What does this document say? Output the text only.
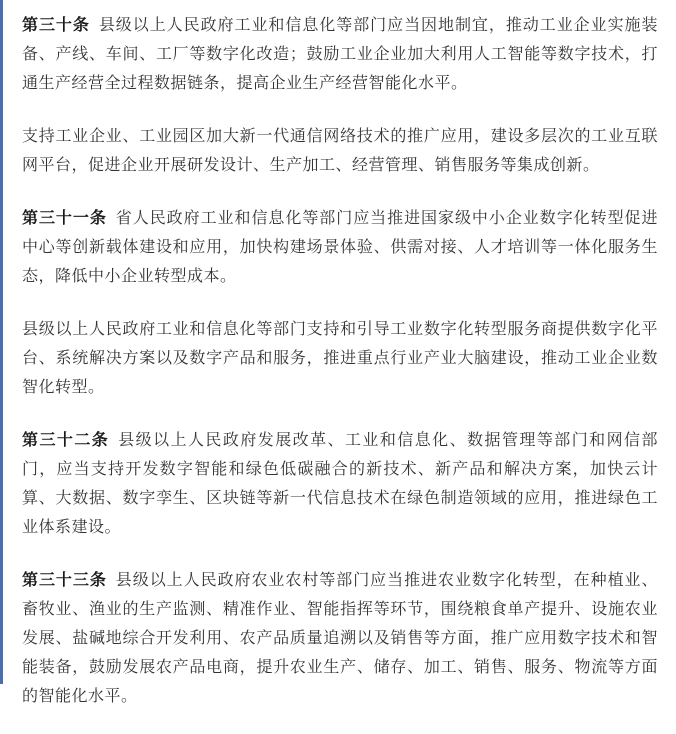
第三十条 县级以上人民政府工业和信息化等部门应当因地制宜，推动工业企业实施装备、产线、车间、工厂等数字化改造；鼓励工业企业加大利用人工智能等数字技术，打通生产经营全过程数据链条，提高企业生产经营智能化水平。

支持工业企业、工业园区加大新一代通信网络技术的推广应用，建设多层次的工业互联网平台，促进企业开展研发设计、生产加工、经营管理、销售服务等集成创新。

第三十一条 省人民政府工业和信息化等部门应当推进国家级中小企业数字化转型促进中心等创新载体建设和应用，加快构建场景体验、供需对接、人才培训等一体化服务生态，降低中小企业转型成本。

县级以上人民政府工业和信息化等部门支持和引导工业数字化转型服务商提供数字化平台、系统解决方案以及数字产品和服务，推进重点行业产业大脑建设，推动工业企业数智化转型。

第三十二条 县级以上人民政府发展改革、工业和信息化、数据管理等部门和网信部门，应当支持开发数字智能和绿色低碳融合的新技术、新产品和解决方案，加快云计算、大数据、数字孪生、区块链等新一代信息技术在绿色制造领域的应用，推进绿色工业体系建设。

第三十三条 县级以上人民政府农业农村等部门应当推进农业数字化转型，在种植业、畜牧业、渔业的生产监测、精准作业、智能指挥等环节，围绕粮食单产提升、设施农业发展、盐碱地综合开发利用、农产品质量追溯以及销售等方面，推广应用数字技术和智能装备，鼓励发展农产品电商，提升农业生产、储存、加工、销售、服务、物流等方面的智能化水平。
